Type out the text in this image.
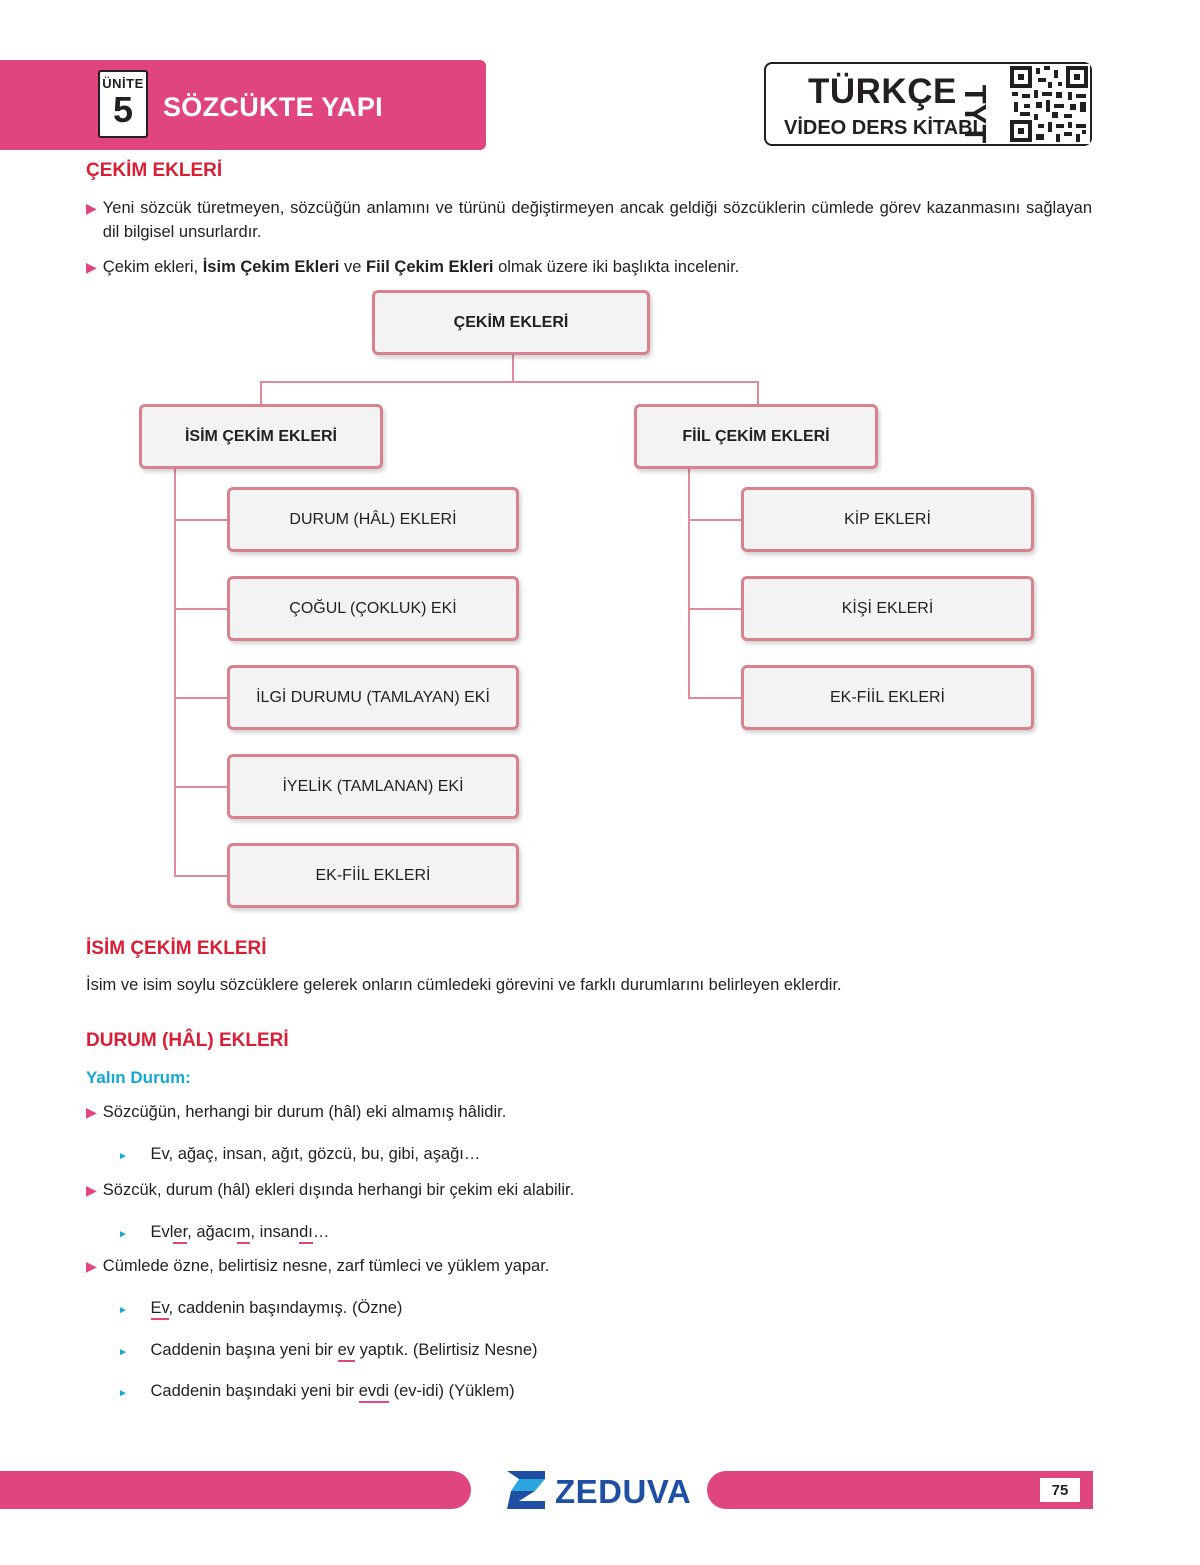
ÜNİTE
5	SÖZCÜKTE YAPI	TÜRKÇE
VİDEO DERS KİTABI
TYT
ÇEKİM EKLERİ
▶ Yeni sözcük türetmeyen, sözcüğün anlamını ve türünü değiştirmeyen ancak geldiği sözcüklerin cümlede görev kazanmasını sağlayan dil bilgisel unsurlardır.
▶ Çekim ekleri, İsim Çekim Ekleri ve Fiil Çekim Ekleri olmak üzere iki başlıkta incelenir.
ÇEKİM EKLERİ
İSİM ÇEKİM EKLERİ	FİİL ÇEKİM EKLERİ
DURUM (HÂL) EKLERİ
ÇOĞUL (ÇOKLUK) EKİ
İLGİ DURUMU (TAMLAYAN) EKİ
İYELİK (TAMLANAN) EKİ
EK-FİİL EKLERİ
KİP EKLERİ
KİŞİ EKLERİ
EK-FİİL EKLERİ
İSİM ÇEKİM EKLERİ
İsim ve isim soylu sözcüklere gelerek onların cümledeki görevini ve farklı durumlarını belirleyen eklerdir.
DURUM (HÂL) EKLERİ
Yalın Durum:
▶ Sözcüğün, herhangi bir durum (hâl) eki almamış hâlidir.
► Ev, ağaç, insan, ağıt, gözcü, bu, gibi, aşağı…
▶ Sözcük, durum (hâl) ekleri dışında herhangi bir çekim eki alabilir.
► Evler, ağacım, insandı…
▶ Cümlede özne, belirtisiz nesne, zarf tümleci ve yüklem yapar.
► Ev, caddenin başındaymış. (Özne)
► Caddenin başına yeni bir ev yaptık. (Belirtisiz Nesne)
► Caddenin başındaki yeni bir evdi (ev-idi) (Yüklem)
75
ZEDUVA
